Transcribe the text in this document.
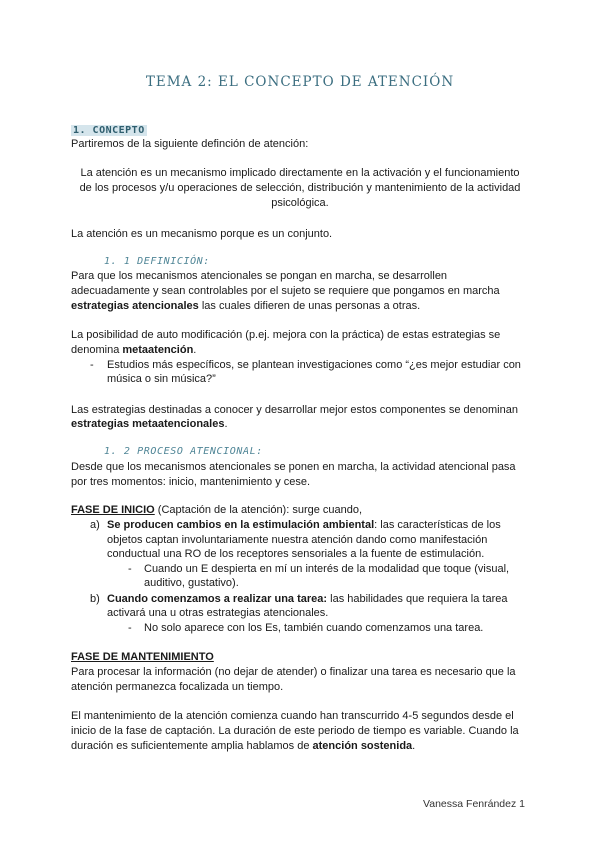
TEMA 2: EL CONCEPTO DE ATENCIÓN
1. CONCEPTO
Partiremos de la siguiente definción de atención:
La atención es un mecanismo implicado directamente en la activación y el funcionamiento
de los procesos y/u operaciones de selección, distribución y mantenimiento de la actividad
psicológica.
La atención es un mecanismo porque es un conjunto.
1. 1 DEFINICIÓN:
Para que los mecanismos atencionales se pongan en marcha, se desarrollen
adecuadamente y sean controlables por el sujeto se requiere que pongamos en marcha
estrategias atencionales las cuales difieren de unas personas a otras.
La posibilidad de auto modificación (p.ej. mejora con la práctica) de estas estrategias se
denomina metaatención.
- Estudios más específicos, se plantean investigaciones como “¿es mejor estudiar con
música o sin música?”
Las estrategias destinadas a conocer y desarrollar mejor estos componentes se denominan
estrategias metaatencionales.
1. 2 PROCESO ATENCIONAL:
Desde que los mecanismos atencionales se ponen en marcha, la actividad atencional pasa
por tres momentos: inicio, mantenimiento y cese.
FASE DE INICIO (Captación de la atención): surge cuando,
a) Se producen cambios en la estimulación ambiental: las características de los
objetos captan involuntariamente nuestra atención dando como manifestación
conductual una RO de los receptores sensoriales a la fuente de estimulación.
- Cuando un E despierta en mí un interés de la modalidad que toque (visual,
auditivo, gustativo).
b) Cuando comenzamos a realizar una tarea: las habilidades que requiera la tarea
activará una u otras estrategias atencionales.
- No solo aparece con los Es, también cuando comenzamos una tarea.
FASE DE MANTENIMIENTO
Para procesar la información (no dejar de atender) o finalizar una tarea es necesario que la
atención permanezca focalizada un tiempo.
El mantenimiento de la atención comienza cuando han transcurrido 4-5 segundos desde el
inicio de la fase de captación. La duración de este periodo de tiempo es variable. Cuando la
duración es suficientemente amplia hablamos de atención sostenida.
Vanessa Fenrández 1
